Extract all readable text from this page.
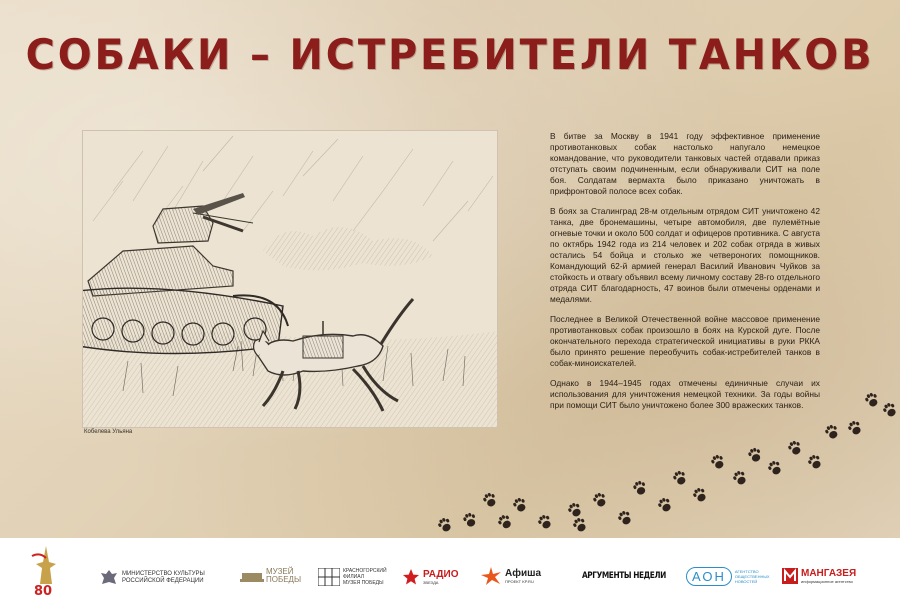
СОБАКИ – ИСТРЕБИТЕЛИ ТАНКОВ
Кобелева Ульяна

В битве за Москву в 1941 году эффективное применение противотанковых собак настолько напугало немецкое командование, что руководители танковых частей отдавали приказ отступать своим подчиненным, если обнаруживали СИТ на поле боя. Солдатам вермахта было приказано уничтожать в прифронтовой полосе всех собак.

В боях за Сталинград 28-м отдельным отрядом СИТ уничтожено 42 танка, две бронемашины, четыре автомобиля, две пулемётные огневые точки и около 500 солдат и офицеров противника. С августа по октябрь 1942 года из 214 человек и 202 собак отряда в живых остались 54 бойца и столько же четвероногих помощников. Командующий 62-й армией генерал Василий Иванович Чуйков за стойкость и отвагу объявил всему личному составу 28-го отдельного отряда СИТ благодарность, 47 воинов были отмечены орденами и медалями.

Последнее в Великой Отечественной войне массовое применение противотанковых собак произошло в боях на Курской дуге. После окончательного перехода стратегической инициативы в руки РККА было принято решение переобучить собак-истребителей танков в собак-миноискателей.

Однако в 1944–1945 годах отмечены единичные случаи их использования для уничтожения немецкой техники. За годы войны при помощи СИТ было уничтожено более 300 вражеских танков.

80
МИНИСТЕРСТВО КУЛЬТУРЫ
РОССИЙСКОЙ ФЕДЕРАЦИИ
МУЗЕЙ
ПОБЕДЫ
КРАСНОГОРСКИЙ
ФИЛИАЛ
МУЗЕЯ ПОБЕДЫ
РАДИО
ЗВЕЗДА
Афиша
ПРОЕКТ KP.RU	АРГУМЕНТЫ НЕДЕЛИ	АОН	АГЕНТСТВО
ОБЩЕСТВЕННЫХ
НОВОСТЕЙ
МАНГАЗЕЯ
информационное агентство
